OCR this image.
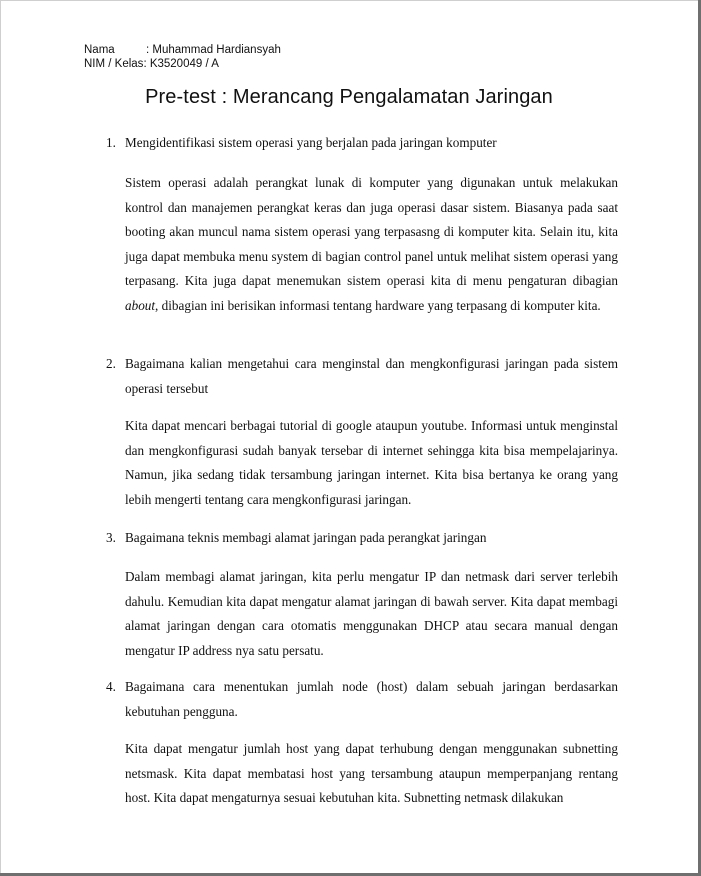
Nama	: Muhammad Hardiansyah
NIM / Kelas : K3520049 / A
Pre-test : Merancang Pengalamatan Jaringan
1. Mengidentifikasi sistem operasi yang berjalan pada jaringan komputer
Sistem operasi adalah perangkat lunak di komputer yang digunakan untuk melakukan kontrol dan manajemen perangkat keras dan juga operasi dasar sistem. Biasanya pada saat booting akan muncul nama sistem operasi yang terpasasng di komputer kita. Selain itu, kita juga dapat membuka menu system di bagian control panel untuk melihat sistem operasi yang terpasang. Kita juga dapat menemukan sistem operasi kita di menu pengaturan dibagian about, dibagian ini berisikan informasi tentang hardware yang terpasang di komputer kita.
2. Bagaimana kalian mengetahui cara menginstal dan mengkonfigurasi jaringan pada sistem operasi tersebut
Kita dapat mencari berbagai tutorial di google ataupun youtube. Informasi untuk menginstal dan mengkonfigurasi sudah banyak tersebar di internet sehingga kita bisa mempelajarinya. Namun, jika sedang tidak tersambung jaringan internet. Kita bisa bertanya ke orang yang lebih mengerti tentang cara mengkonfigurasi jaringan.
3. Bagaimana teknis membagi alamat jaringan pada perangkat jaringan
Dalam membagi alamat jaringan, kita perlu mengatur IP dan netmask dari server terlebih dahulu. Kemudian kita dapat mengatur alamat jaringan di bawah server. Kita dapat membagi alamat jaringan dengan cara otomatis menggunakan DHCP atau secara manual dengan mengatur IP address nya satu persatu.
4. Bagaimana cara menentukan jumlah node (host) dalam sebuah jaringan berdasarkan kebutuhan pengguna.
Kita dapat mengatur jumlah host yang dapat terhubung dengan menggunakan subnetting netsmask. Kita dapat membatasi host yang tersambung ataupun memperpanjang rentang host. Kita dapat mengaturnya sesuai kebutuhan kita. Subnetting netmask dilakukan
